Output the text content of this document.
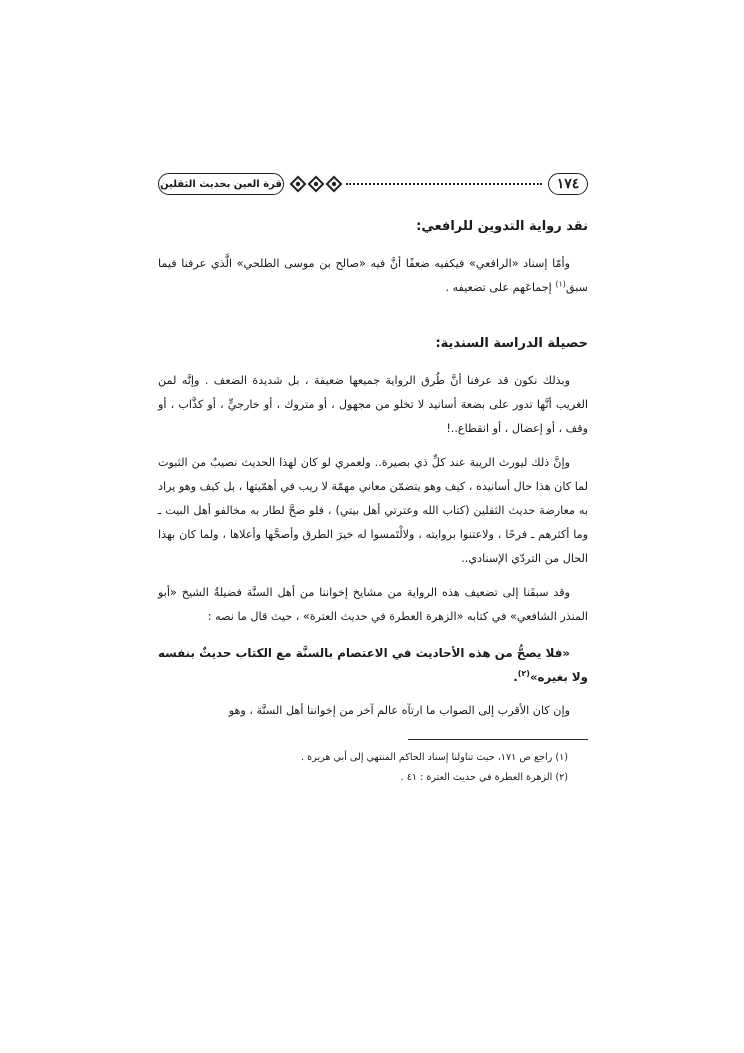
١٧٤
قرة العين بحديث الثقلين
نقد رواية التدوين للرافعي:

وأمّا إسناد «الرافعي» فيكفيه ضعفًا أنَّ فيه «صالح بن موسى الطلحي» الَّذي عرفنا فيما سبق$^{(١)}$ إجماعَهم على تضعيفه .

حصيلة الدراسة السندية:

وبذلك نكون قد عرفنا أنَّ طُرق الرواية جميعها ضعيفة ، بل شديدة الضعف . وإنَّه لمن الغريب أنَّها تدور على بضعة أسانيد لا تخلو من مجهول ، أو متروك ، أو خارجيٍّ ، أو كذَّاب ، أو وقف ، أو إعضال ، أو انقطاع..!

وإنَّ ذلك ليورث الريبة عند كلِّ ذي بصيرة.. ولعمري لو كان لهذا الحديث نصيبٌ من الثبوت لما كان هذا حال أسانيده ، كيف وهو يتضمّن معاني مهمّة لا ريب في أهمّيتها ، بل كيف وهو يراد به معارضة حديث الثقلين (كتاب الله وعترتي أهل بيتي) ، فلو صحَّ لطار به مخالفو أهل البيت ـ وما أكثرهم ـ فرحًا ، ولاعتنوا بروايته ، ولالْتَمسوا له خيرَ الطرق وأصحَّها وأعلاها ، ولما كان بهذا الحال من التردّي الإسنادي..

وقد سبقَنا إلى تضعيف هذه الرواية من مشايخ إخواننا من أهل السنَّة فضيلةُ الشيخ «أبو المنذر الشافعي» في كتابه «الزهرة العطرة في حديث العترة» ، حيث قال ما نصه :

«فلا يصحُّ من هذه الأحاديث في الاعتصام بالسنَّة مع الكتاب حديثٌ بنفسه ولا بغيره»$^{(٢)}$.

وإن كان الأقرب إلى الصواب ما ارتآه عالم آخر من إخواننا أهل السنَّة ، وهو

(١) راجع ص ١٧١، حيث تناولنا إسناد الحاكم المنتهي إلى أبي هريرة .
(٢) الزهرة العطرة في حديث العترة : ٤١ .
